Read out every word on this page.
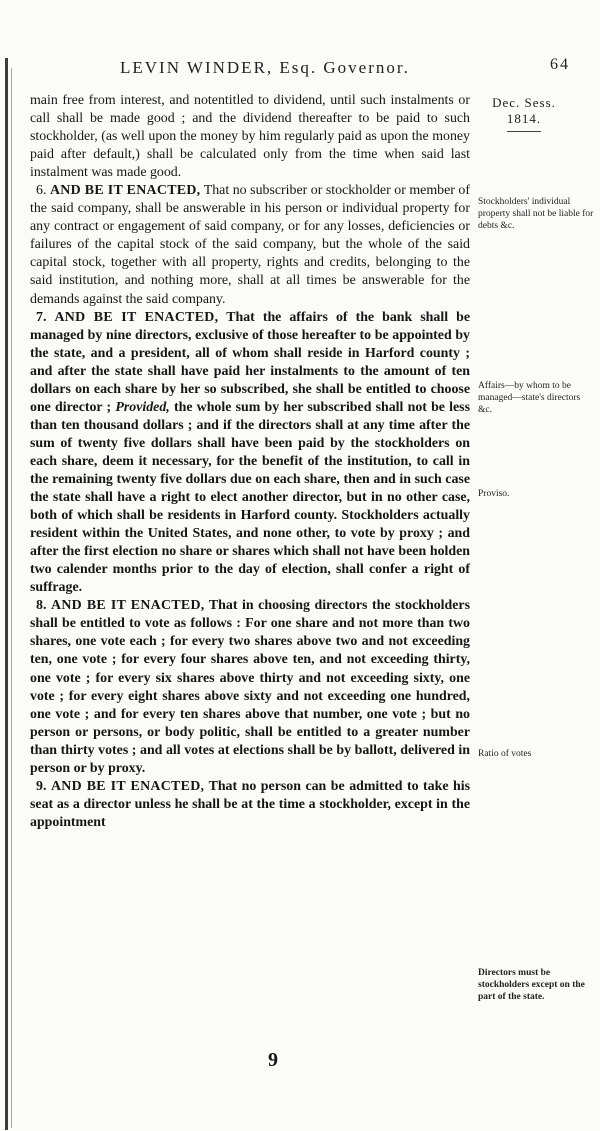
LEVIN WINDER, Esq. Governor.	64
Dec. Sess.
1814.
Stockholders' individual property shall not be liable for debts &c.
Affairs—by whom to be managed—state's directors &c.
Proviso.
Ratio of votes
Directors must be stockholders except on the part of the state.

main free from interest, and notentitled to dividend, until such instalments or call shall be made good ; and the dividend thereafter to be paid to such stockholder, (as well upon the money by him regularly paid as upon the money paid after default,) shall be calculated only from the time when said last instalment was made good.

6. AND BE IT ENACTED, That no subscriber or stockholder or member of the said company, shall be answerable in his person or individual property for any contract or engagement of said company, or for any losses, deficiencies or failures of the capital stock of the said company, but the whole of the said capital stock, together with all property, rights and credits, belonging to the said institution, and nothing more, shall at all times be answerable for the demands against the said company.

7. AND BE IT ENACTED, That the affairs of the bank shall be managed by nine directors, exclusive of those hereafter to be appointed by the state, and a president, all of whom shall reside in Harford county ; and after the state shall have paid her instalments to the amount of ten dollars on each share by her so subscribed, she shall be entitled to choose one director ; Provided, the whole sum by her subscribed shall not be less than ten thousand dollars ; and if the directors shall at any time after the sum of twenty five dollars shall have been paid by the stockholders on each share, deem it necessary, for the benefit of the institution, to call in the remaining twenty five dollars due on each share, then and in such case the state shall have a right to elect another director, but in no other case, both of which shall be residents in Harford county. Stockholders actually resident within the United States, and none other, to vote by proxy ; and after the first election no share or shares which shall not have been holden two calender months prior to the day of election, shall confer a right of suffrage.

8. AND BE IT ENACTED, That in choosing directors the stockholders shall be entitled to vote as follows : For one share and not more than two shares, one vote each ; for every two shares above two and not exceeding ten, one vote ; for every four shares above ten, and not exceeding thirty, one vote ; for every six shares above thirty and not exceeding sixty, one vote ; for every eight shares above sixty and not exceeding one hundred, one vote ; and for every ten shares above that number, one vote ; but no person or persons, or body politic, shall be entitled to a greater number than thirty votes ; and all votes at elections shall be by ballott, delivered in person or by proxy.

9. AND BE IT ENACTED, That no person can be admitted to take his seat as a director unless he shall be at the time a stockholder, except in the appointment

9
